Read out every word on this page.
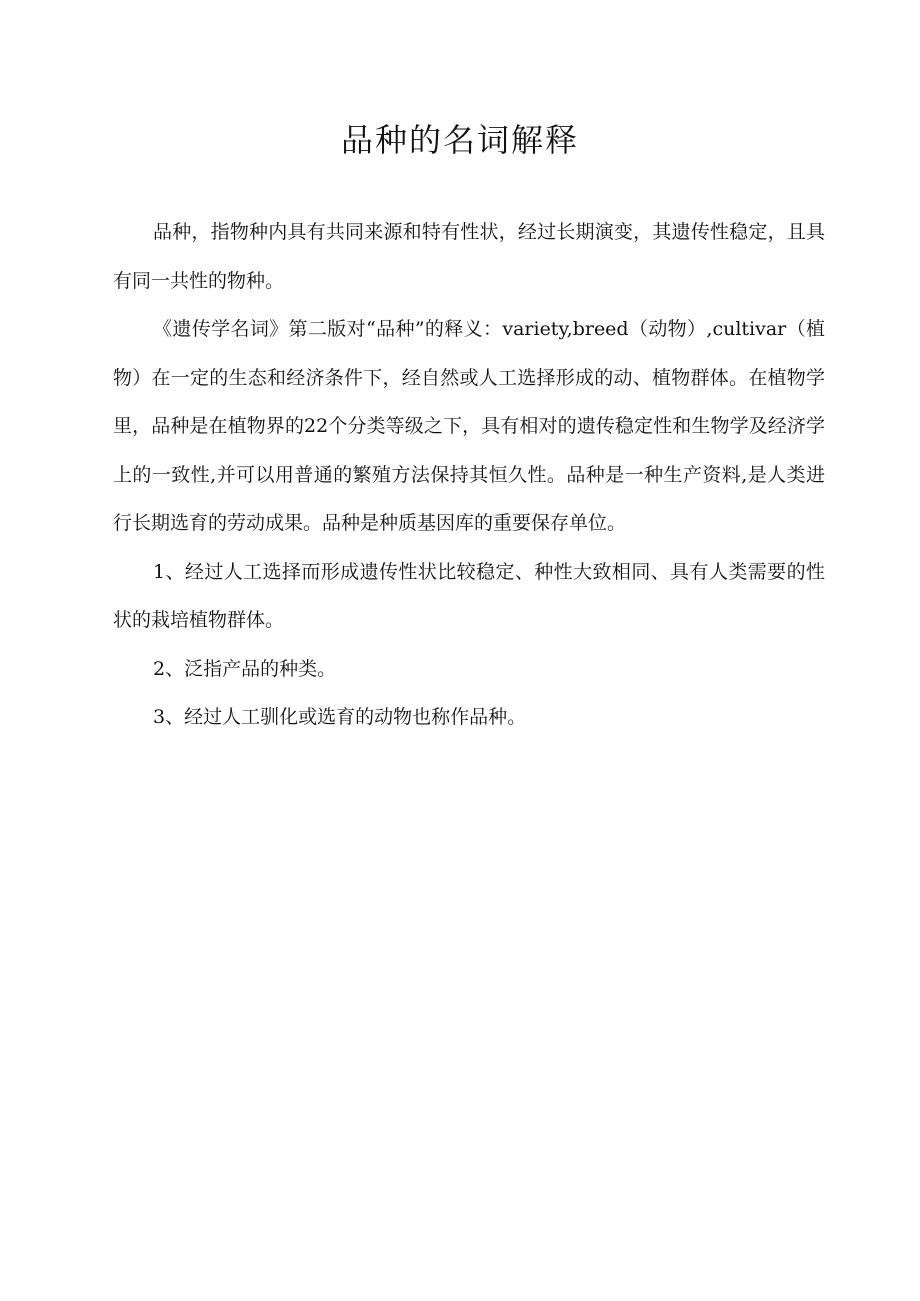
品种的名词解释

品种，指物种内具有共同来源和特有性状，经过长期演变，其遗传性稳定，且具有同一共性的物种。

《遗传学名词》第二版对“品种”的释义：variety,breed（动物）,cultivar（植物）在一定的生态和经济条件下，经自然或人工选择形成的动、植物群体。在植物学里，品种是在植物界的22个分类等级之下，具有相对的遗传稳定性和生物学及经济学上的一致性,并可以用普通的繁殖方法保持其恒久性。品种是一种生产资料,是人类进行长期选育的劳动成果。品种是种质基因库的重要保存单位。

1、经过人工选择而形成遗传性状比较稳定、种性大致相同、具有人类需要的性状的栽培植物群体。

2、泛指产品的种类。

3、经过人工驯化或选育的动物也称作品种。
